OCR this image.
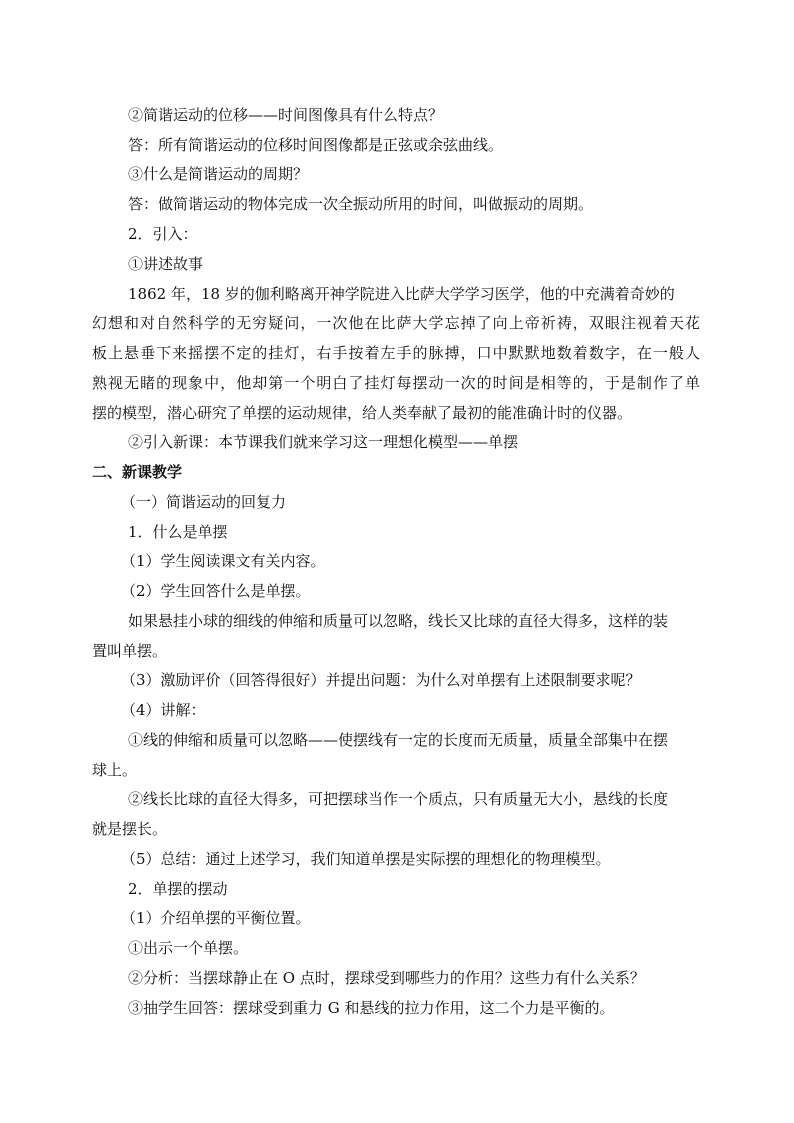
②简谐运动的位移——时间图像具有什么特点？
答：所有简谐运动的位移时间图像都是正弦或余弦曲线。
③什么是简谐运动的周期？
答：做简谐运动的物体完成一次全振动所用的时间，叫做振动的周期。
2．引入：
①讲述故事
1862 年，18 岁的伽利略离开神学院进入比萨大学学习医学，他的中充满着奇妙的
幻想和对自然科学的无穷疑问，一次他在比萨大学忘掉了向上帝祈祷，双眼注视着天花
板上悬垂下来摇摆不定的挂灯，右手按着左手的脉搏，口中默默地数着数字，在一般人
熟视无睹的现象中，他却第一个明白了挂灯每摆动一次的时间是相等的，于是制作了单
摆的模型，潜心研究了单摆的运动规律，给人类奉献了最初的能准确计时的仪器。
②引入新课：本节课我们就来学习这一理想化模型——单摆
二、新课教学
（一）简谐运动的回复力
1．什么是单摆
（1）学生阅读课文有关内容。
（2）学生回答什么是单摆。
如果悬挂小球的细线的伸缩和质量可以忽略，线长又比球的直径大得多，这样的装
置叫单摆。
（3）激励评价（回答得很好）并提出问题：为什么对单摆有上述限制要求呢？
（4）讲解：
①线的伸缩和质量可以忽略——使摆线有一定的长度而无质量，质量全部集中在摆
球上。
②线长比球的直径大得多，可把摆球当作一个质点，只有质量无大小，悬线的长度
就是摆长。
（5）总结：通过上述学习，我们知道单摆是实际摆的理想化的物理模型。
2．单摆的摆动
（1）介绍单摆的平衡位置。
①出示一个单摆。
②分析：当摆球静止在 O 点时，摆球受到哪些力的作用？这些力有什么关系？
③抽学生回答：摆球受到重力 G 和悬线的拉力作用，这二个力是平衡的。
